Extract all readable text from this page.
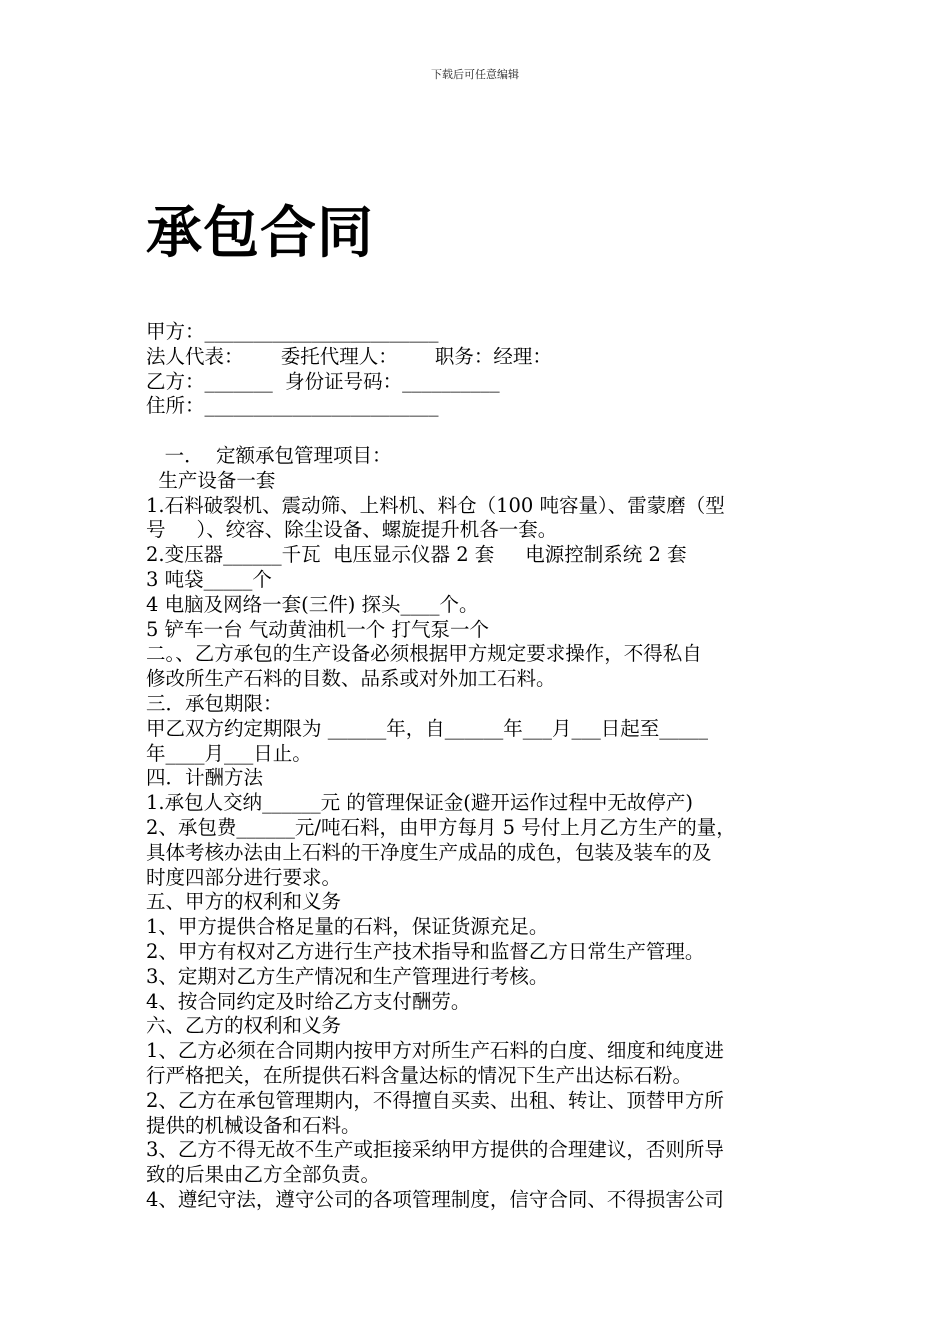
下载后可任意编辑
承包合同
甲方：________________________
法人代表：      委托代理人：      职务：经理：
乙方：_______  身份证号码：__________
住所：________________________
一．  定额承包管理项目：
生产设备一套
1.石料破裂机、震动筛、上料机、料仓（100 吨容量）、雷蒙磨（型
号     ）、绞容、除尘设备、螺旋提升机各一套。
2.变压器______千瓦  电压显示仪器 2 套     电源控制系统 2 套
3 吨袋_____个
4 电脑及网络一套(三件) 探头____个。
5 铲车一台 气动黄油机一个 打气泵一个
二。、乙方承包的生产设备必须根据甲方规定要求操作，不得私自
修改所生产石料的目数、品系或对外加工石料。
三．承包期限：
甲乙双方约定期限为 ______年，自______年___月___日起至_____
年____月___日止。
四．计酬方法
1.承包人交纳______元 的管理保证金(避开运作过程中无故停产)
2、承包费______元/吨石料，由甲方每月 5 号付上月乙方生产的量，
具体考核办法由上石料的干净度生产成品的成色，包装及装车的及
时度四部分进行要求。
五、甲方的权利和义务
1、甲方提供合格足量的石料，保证货源充足。
2、甲方有权对乙方进行生产技术指导和监督乙方日常生产管理。
3、定期对乙方生产情况和生产管理进行考核。
4、按合同约定及时给乙方支付酬劳。
六、乙方的权利和义务
1、乙方必须在合同期内按甲方对所生产石料的白度、细度和纯度进
行严格把关，在所提供石料含量达标的情况下生产出达标石粉。
2、乙方在承包管理期内，不得擅自买卖、出租、转让、顶替甲方所
提供的机械设备和石料。
3、乙方不得无故不生产或拒接采纳甲方提供的合理建议，否则所导
致的后果由乙方全部负责。
4、遵纪守法，遵守公司的各项管理制度，信守合同、不得损害公司
